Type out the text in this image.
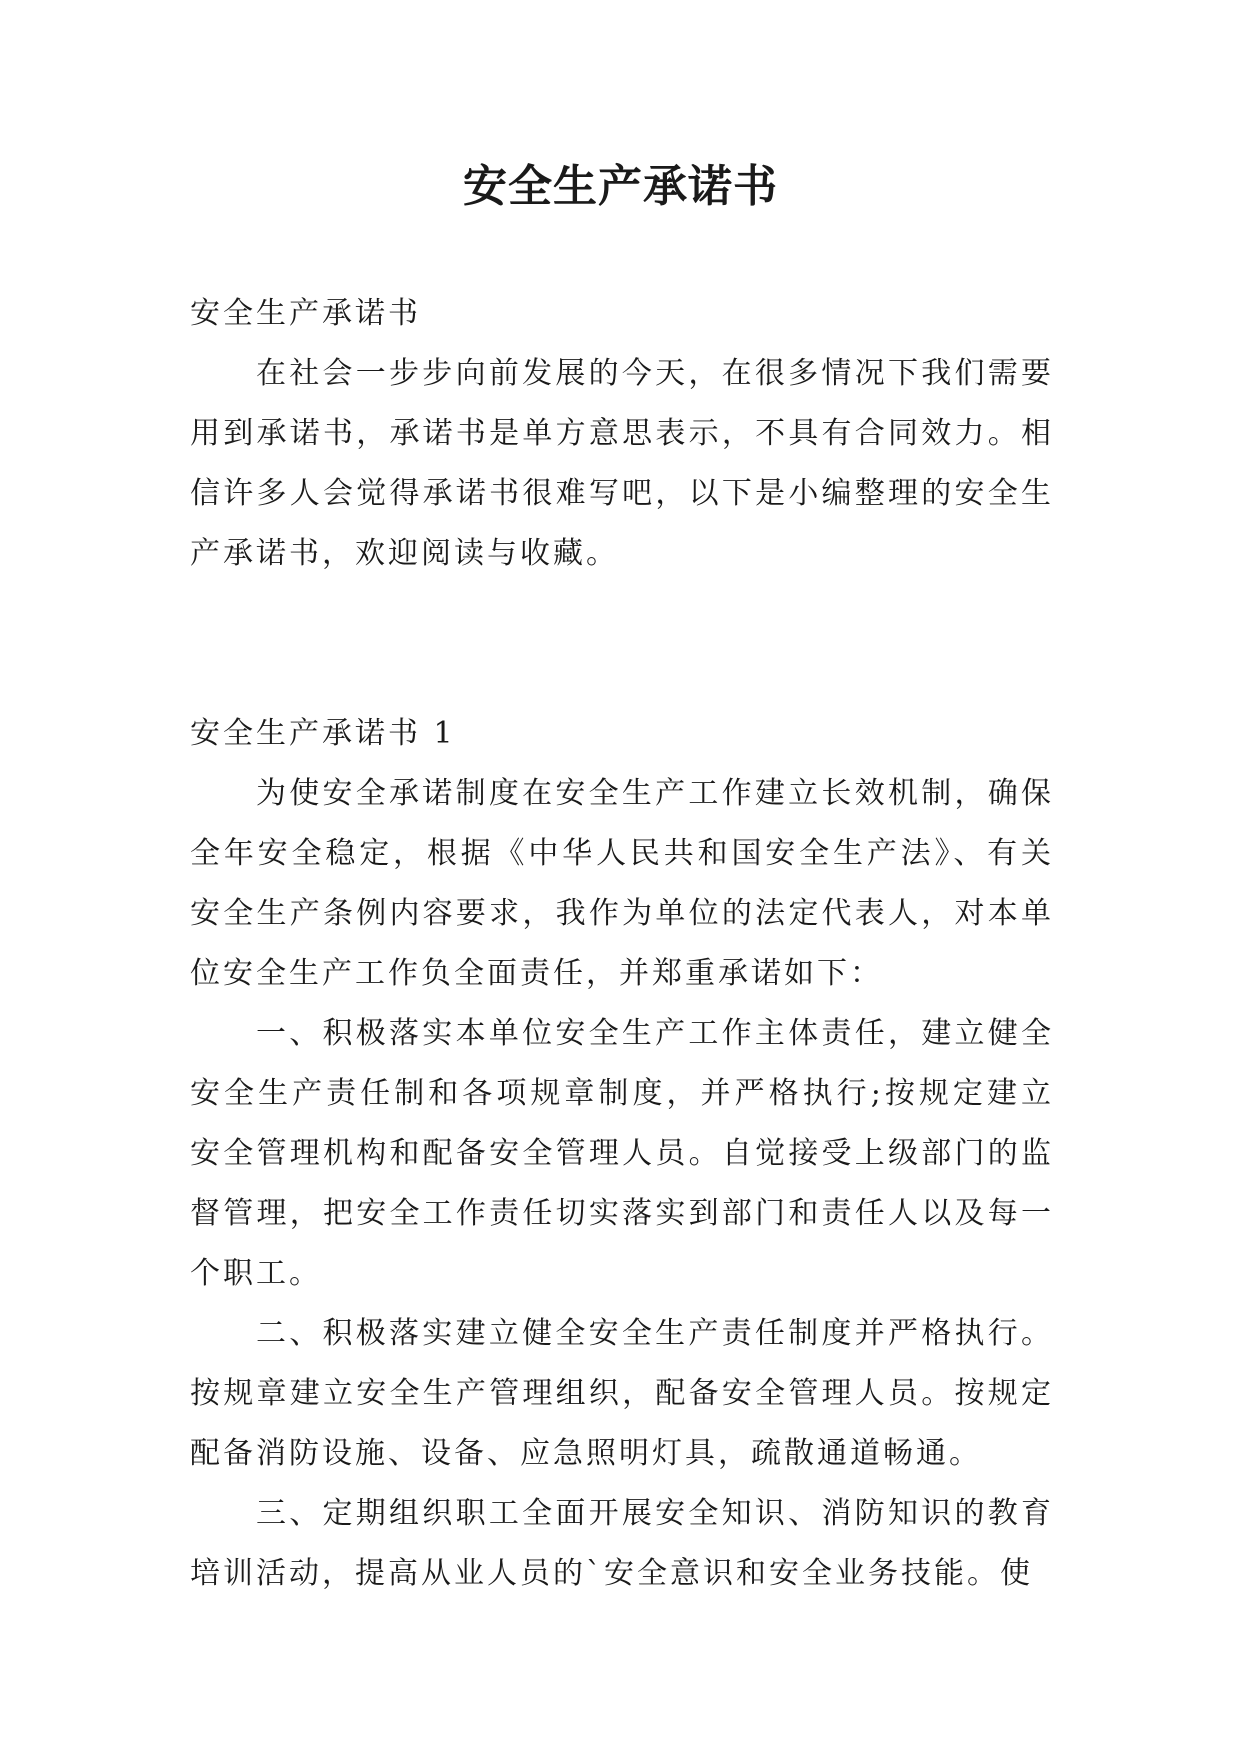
安全生产承诺书

安全生产承诺书

在社会一步步向前发展的今天，在很多情况下我们需要用到承诺书，承诺书是单方意思表示，不具有合同效力。相信许多人会觉得承诺书很难写吧，以下是小编整理的安全生产承诺书，欢迎阅读与收藏。

安全生产承诺书 1

为使安全承诺制度在安全生产工作建立长效机制，确保全年安全稳定，根据《中华人民共和国安全生产法》、有关安全生产条例内容要求，我作为单位的法定代表人，对本单位安全生产工作负全面责任，并郑重承诺如下：

一、积极落实本单位安全生产工作主体责任，建立健全安全生产责任制和各项规章制度，并严格执行;按规定建立安全管理机构和配备安全管理人员。自觉接受上级部门的监督管理，把安全工作责任切实落实到部门和责任人以及每一个职工。

二、积极落实建立健全安全生产责任制度并严格执行。按规章建立安全生产管理组织，配备安全管理人员。按规定配备消防设施、设备、应急照明灯具，疏散通道畅通。

三、定期组织职工全面开展安全知识、消防知识的教育培训活动，提高从业人员的`安全意识和安全业务技能。使
